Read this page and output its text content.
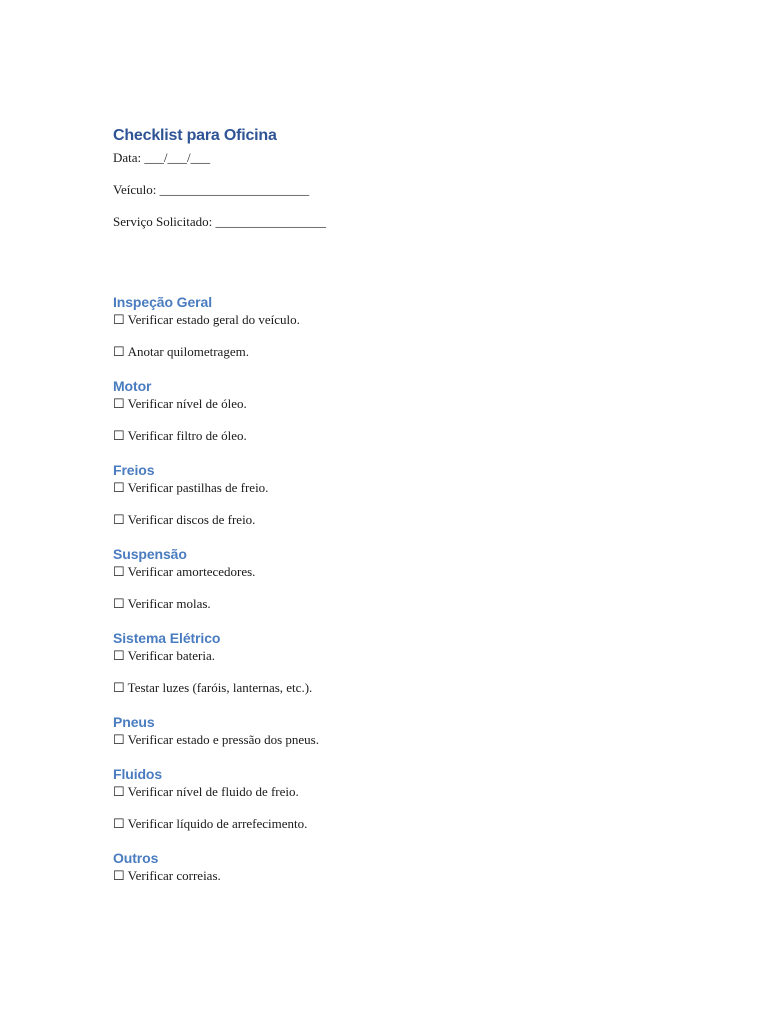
Checklist para Oficina

Data: ___/___/___

Veículo: _______________________

Serviço Solicitado: _________________

Inspeção Geral

☐ Verificar estado geral do veículo.

☐ Anotar quilometragem.

Motor

☐ Verificar nível de óleo.

☐ Verificar filtro de óleo.

Freios

☐ Verificar pastilhas de freio.

☐ Verificar discos de freio.

Suspensão

☐ Verificar amortecedores.

☐ Verificar molas.

Sistema Elétrico

☐ Verificar bateria.

☐ Testar luzes (faróis, lanternas, etc.).

Pneus

☐ Verificar estado e pressão dos pneus.

Fluidos

☐ Verificar nível de fluido de freio.

☐ Verificar líquido de arrefecimento.

Outros

☐ Verificar correias.
